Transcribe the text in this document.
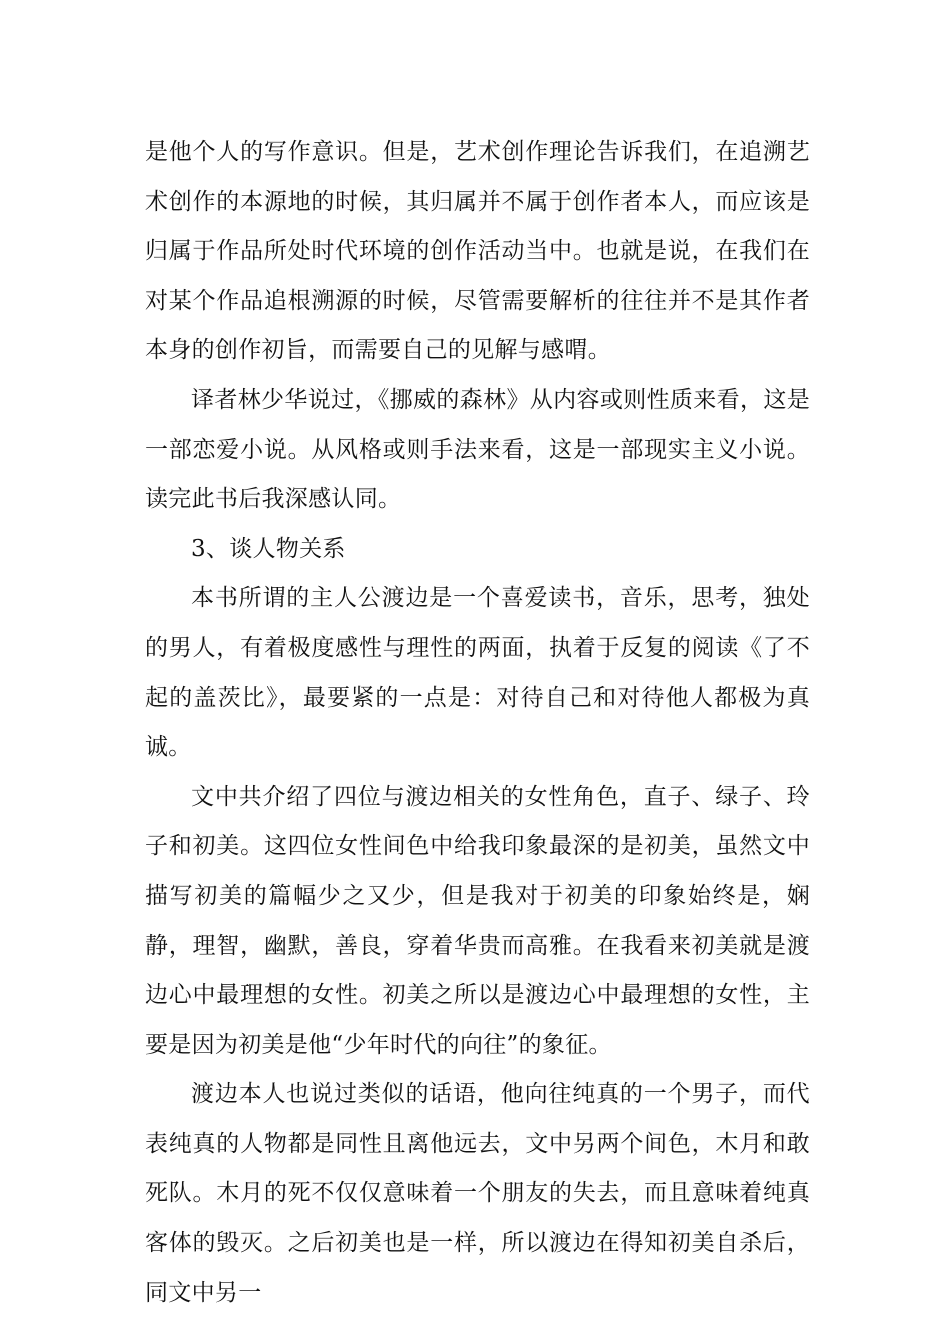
是他个人的写作意识。但是，艺术创作理论告诉我们，在追溯艺术创作的本源地的时候，其归属并不属于创作者本人，而应该是归属于作品所处时代环境的创作活动当中。也就是说，在我们在对某个作品追根溯源的时候，尽管需要解析的往往并不是其作者本身的创作初旨，而需要自己的见解与感喟。

译者林少华说过，《挪威的森林》从内容或则性质来看，这是一部恋爱小说。从风格或则手法来看，这是一部现实主义小说。读完此书后我深感认同。

3、谈人物关系

本书所谓的主人公渡边是一个喜爱读书，音乐，思考，独处的男人，有着极度感性与理性的两面，执着于反复的阅读《了不起的盖茨比》，最要紧的一点是：对待自己和对待他人都极为真诚。

文中共介绍了四位与渡边相关的女性角色，直子、绿子、玲子和初美。这四位女性间色中给我印象最深的是初美，虽然文中描写初美的篇幅少之又少，但是我对于初美的印象始终是，娴静，理智，幽默，善良，穿着华贵而高雅。在我看来初美就是渡边心中最理想的女性。初美之所以是渡边心中最理想的女性，主要是因为初美是他“少年时代的向往”的象征。

渡边本人也说过类似的话语，他向往纯真的一个男子，而代表纯真的人物都是同性且离他远去，文中另两个间色，木月和敢死队。木月的死不仅仅意味着一个朋友的失去，而且意味着纯真客体的毁灭。之后初美也是一样，所以渡边在得知初美自杀后，同文中另一
